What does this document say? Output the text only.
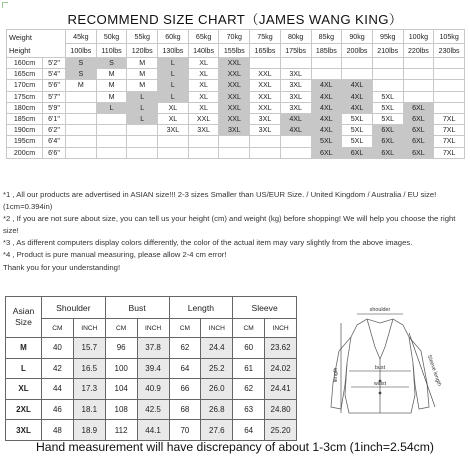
RECOMMEND SIZE CHART（JAMES WANG KING）
Weight
Height		45kg	50kg	55kg	60kg	65kg	70kg	75kg	80kg	85kg	90kg	95kg	100kg	105kg
		100lbs	110lbs	120lbs	130lbs	140lbs	155lbs	165lbs	175lbs	185lbs	200lbs	210lbs	220lbs	230lbs
160cm	5'2"	S	S	M	L	XL	XXL							
165cm	5'4"	S	M	M	L	XL	XXL	XXL	3XL					
170cm	5'6"	M	M	M	L	XL	XXL	XXL	3XL	4XL	4XL			
175cm	5'7"		M	L	L	XL	XXL	XXL	3XL	4XL	4XL	5XL		
180cm	5'9"		L	L	XL	XL	XXL	XXL	3XL	4XL	4XL	5XL	6XL	
185cm	6'1"			L	XL	XXL	XXL	3XL	4XL	4XL	5XL	5XL	6XL	7XL
190cm	6'2"				3XL	3XL	3XL	3XL	4XL	4XL	5XL	6XL	6XL	7XL
195cm	6'4"									5XL	5XL	6XL	6XL	7XL
200cm	6'6"									6XL	6XL	6XL	6XL	7XL

*1 , All our products are advertised in ASIAN size!!! 2-3 sizes Smaller than US/EUR Size. / United Kingdom / Australia / EU size! (1cm=0.394in)

*2 , If you are not sure about size, you can tell us your height (cm) and weight (kg) before shopping! We will help you choose the right size!

*3 , As different computers display colors differently, the color of the actual item may vary slightly from the above images.

*4 , Product is pure manual measuring, please allow 2-4 cm error!

Thank you for your understanding!

Asian Size	Shoulder		Bust		Length		Sleeve	
	CM	INCH	CM	INCH	CM	INCH	CM	INCH
M	40	15.7	96	37.8	62	24.4	60	23.62
L	42	16.5	100	39.4	64	25.2	61	24.02
XL	44	17.3	104	40.9	66	26.0	62	24.41
2XL	46	18.1	108	42.5	68	26.8	63	24.80
3XL	48	18.9	112	44.1	70	27.6	64	25.20
shoulder
bust
waist
length	Sleeve length
Hand measurement will have discrepancy of about 1-3cm (1inch=2.54cm)
